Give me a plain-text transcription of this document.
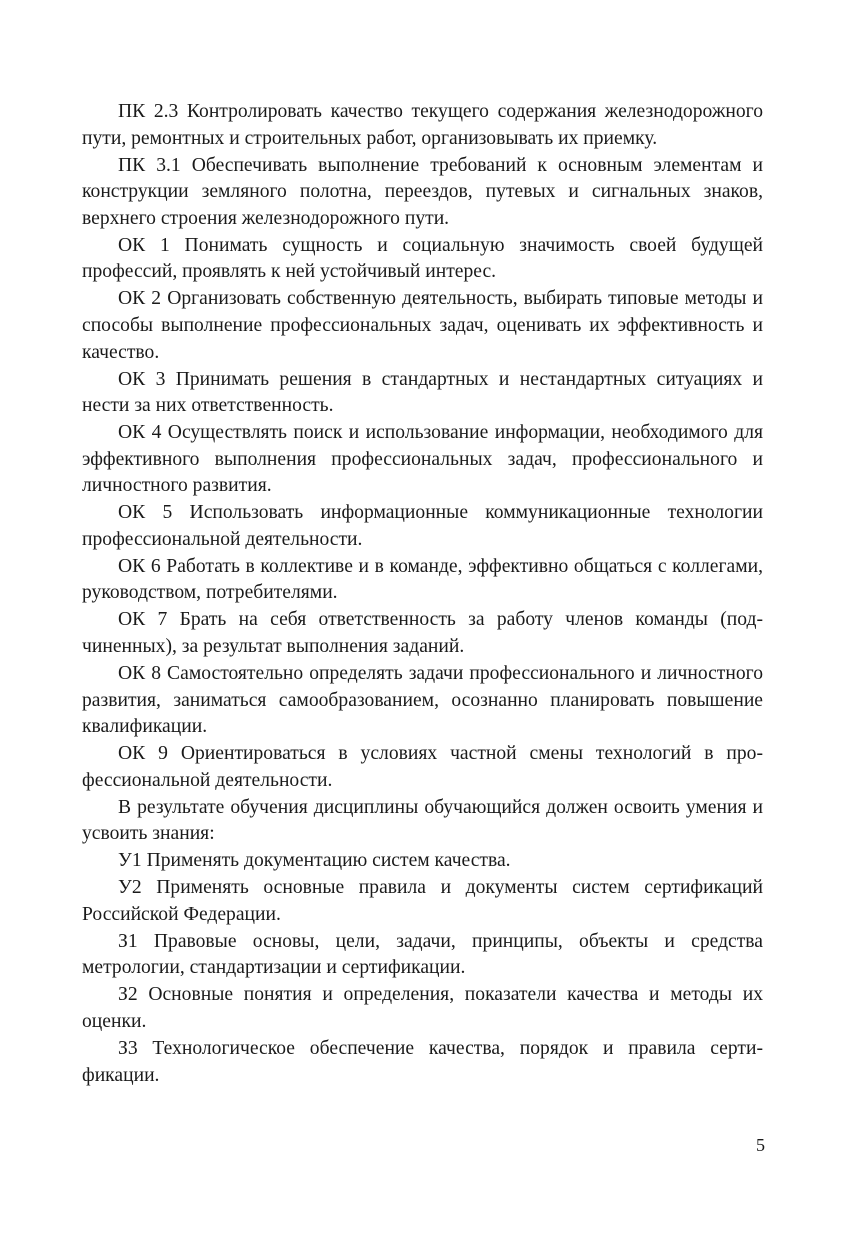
ПК 2.3 Контролировать качество текущего содержания железнодорожного пути, ремонтных и строительных работ, организовывать их приемку.

ПК 3.1 Обеспечивать выполнение требований к основным элементам и конструкции земляного полотна, переездов, путевых и сигнальных знаков, верхнего строения железнодорожного пути.

ОК 1 Понимать сущность и социальную значимость своей будущей профессий, проявлять к ней устойчивый интерес.

ОК 2 Организовать собственную деятельность, выбирать типовые методы и способы выполнение профессиональных задач, оценивать их эффективность и качество.

ОК 3 Принимать решения в стандартных и нестандартных ситуациях и нести за них ответственность.

ОК 4 Осуществлять поиск и использование информации, необходимого для эффективного выполнения профессиональных задач, профессионального и личностного развития.

ОК 5 Использовать информационные коммуникационные технологии профессиональной деятельности.

ОК 6 Работать в коллективе и в команде, эффективно общаться с коллегами, руководством, потребителями.

ОК 7 Брать на себя ответственность за работу членов команды (подчиненных), за результат выполнения заданий.

ОК 8 Самостоятельно определять задачи профессионального и личностного развития, заниматься самообразованием, осознанно планировать повышение квалификации.

ОК 9 Ориентироваться в условиях частной смены технологий в профессиональной деятельности.

В результате обучения дисциплины обучающийся должен освоить умения и усвоить знания:

У1 Применять документацию систем качества.

У2 Применять основные правила и документы систем сертификаций Российской Федерации.

З1 Правовые основы, цели, задачи, принципы, объекты и средства метрологии, стандартизации и сертификации.

З2 Основные понятия и определения, показатели качества и методы их оценки.

З3 Технологическое обеспечение качества, порядок и правила сертификации.

5
